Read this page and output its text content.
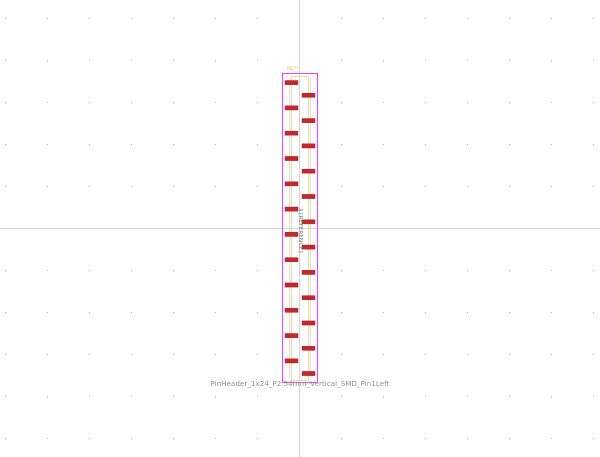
REF**
${REFERENCE}
PinHeader_1x24_P2.54mm_Vertical_SMD_Pin1Left
